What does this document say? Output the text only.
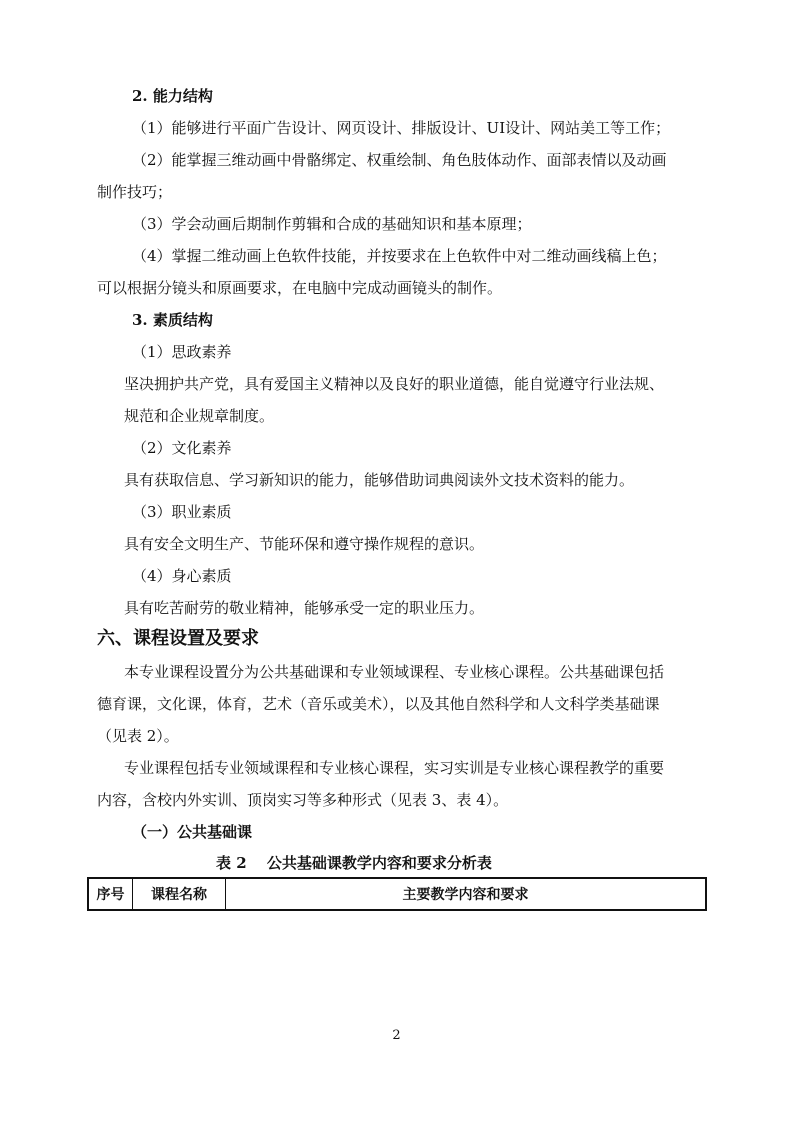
2. 能力结构
（1）能够进行平面广告设计、网页设计、排版设计、UI设计、网站美工等工作；
（2）能掌握三维动画中骨骼绑定、权重绘制、角色肢体动作、面部表情以及动画
制作技巧；
（3）学会动画后期制作剪辑和合成的基础知识和基本原理；
（4）掌握二维动画上色软件技能，并按要求在上色软件中对二维动画线稿上色；
可以根据分镜头和原画要求，在电脑中完成动画镜头的制作。
3. 素质结构
（1）思政素养
坚决拥护共产党，具有爱国主义精神以及良好的职业道德，能自觉遵守行业法规、
规范和企业规章制度。
（2）文化素养
具有获取信息、学习新知识的能力，能够借助词典阅读外文技术资料的能力。
（3）职业素质
具有安全文明生产、节能环保和遵守操作规程的意识。
（4）身心素质
具有吃苦耐劳的敬业精神，能够承受一定的职业压力。
六、课程设置及要求
本专业课程设置分为公共基础课和专业领域课程、专业核心课程。公共基础课包括
德育课，文化课，体育，艺术（音乐或美术），以及其他自然科学和人文科学类基础课
（见表 2）。
专业课程包括专业领域课程和专业核心课程，实习实训是专业核心课程教学的重要
内容，含校内外实训、顶岗实习等多种形式（见表 3、表 4）。
（一）公共基础课
表 2　 公共基础课教学内容和要求分析表
序号	课程名称	主要教学内容和要求
2
